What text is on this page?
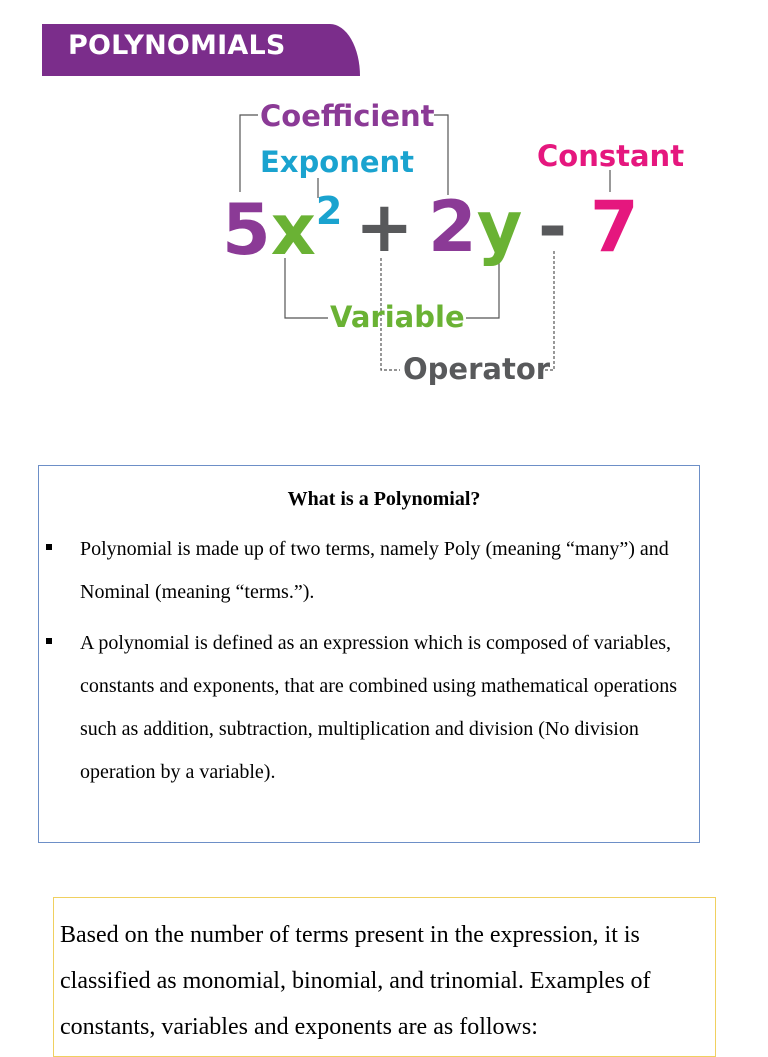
POLYNOMIALS
Coefficient
Exponent	Constant
Variable
Operator
$5x^2 + 2y - 7$
What is a Polynomial?
Polynomial is made up of two terms, namely Poly (meaning “many”) and Nominal (meaning “terms.”).
A polynomial is defined as an expression which is composed of variables, constants and exponents, that are combined using mathematical operations such as addition, subtraction, multiplication and division (No division operation by a variable).
Based on the number of terms present in the expression, it is classified as monomial, binomial, and trinomial. Examples of constants, variables and exponents are as follows:
